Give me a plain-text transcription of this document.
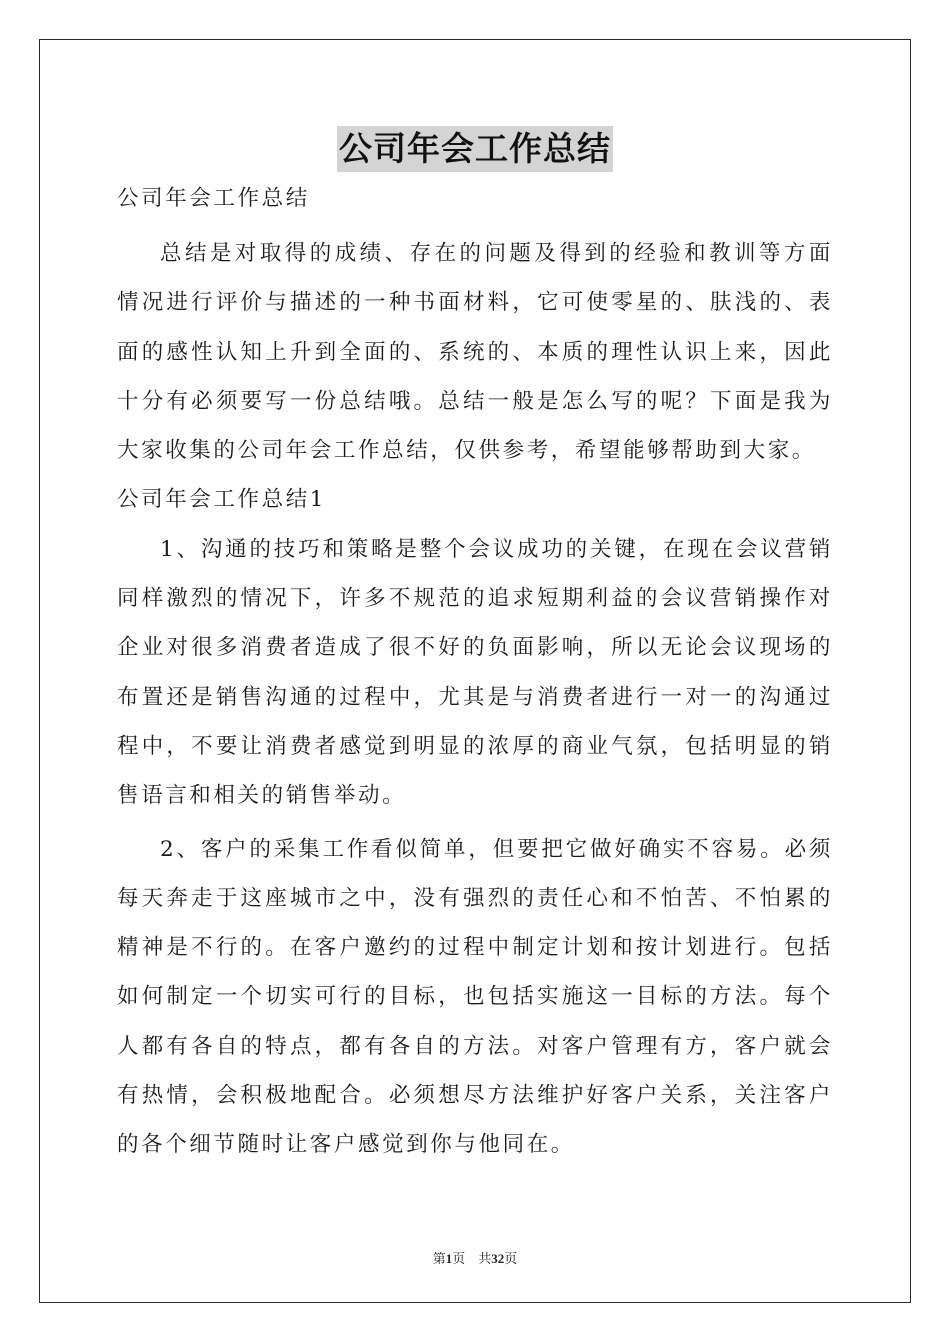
公司年会工作总结
公司年会工作总结

总结是对取得的成绩、存在的问题及得到的经验和教训等方面情况进行评价与描述的一种书面材料，它可使零星的、肤浅的、表面的感性认知上升到全面的、系统的、本质的理性认识上来，因此十分有必须要写一份总结哦。总结一般是怎么写的呢？下面是我为大家收集的公司年会工作总结，仅供参考，希望能够帮助到大家。

公司年会工作总结1

1、沟通的技巧和策略是整个会议成功的关键，在现在会议营销同样激烈的情况下，许多不规范的追求短期利益的会议营销操作对企业对很多消费者造成了很不好的负面影响，所以无论会议现场的布置还是销售沟通的过程中，尤其是与消费者进行一对一的沟通过程中，不要让消费者感觉到明显的浓厚的商业气氛，包括明显的销售语言和相关的销售举动。

2、客户的采集工作看似简单，但要把它做好确实不容易。必须每天奔走于这座城市之中，没有强烈的责任心和不怕苦、不怕累的精神是不行的。在客户邀约的过程中制定计划和按计划进行。包括如何制定一个切实可行的目标，也包括实施这一目标的方法。每个人都有各自的特点，都有各自的方法。对客户管理有方，客户就会有热情，会积极地配合。必须想尽方法维护好客户关系，关注客户的各个细节随时让客户感觉到你与他同在。

第1页 共32页
